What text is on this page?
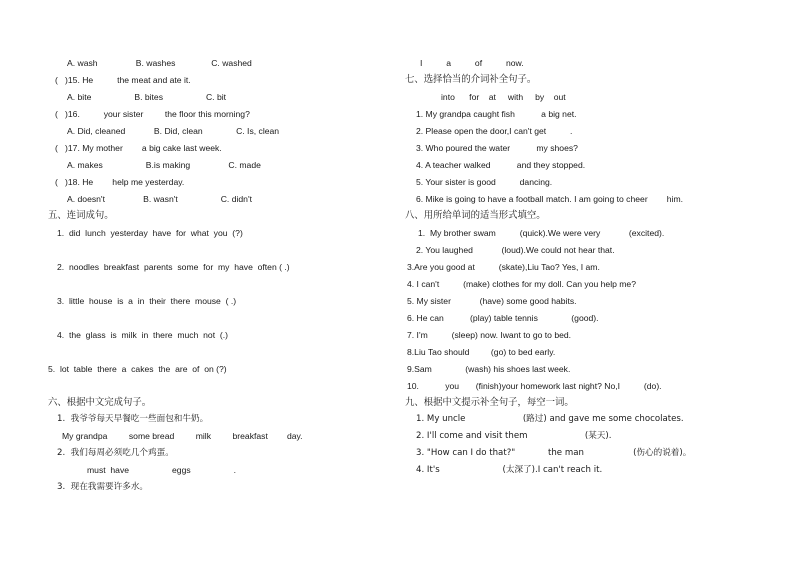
A. wash                B. washes               C. washed
(   )15. He          the meat and ate it.
A. bite                  B. bites                  C. bit
(   )16.          your sister         the floor this morning?
A. Did, cleaned            B. Did, clean              C. Is, clean
(   )17. My mother        a big cake last week.
A. makes                  B.is making                C. made
(   )18. He        help me yesterday.
A. doesn't                B. wasn't                  C. didn't
五、连词成句。
1.  did  lunch  yesterday  have  for  what  you  (?)
2.  noodles  breakfast  parents  some  for  my  have  often ( .)
3.  little  house  is  a  in  their  there  mouse  ( .)
4.  the  glass  is  milk  in  there  much  not  (.)
5.  lot  table  there  a  cakes  the  are  of  on (?)
六、根据中文完成句子。
1.  我爷爷每天早餐吃一些面包和牛奶。
My grandpa         some bread         milk         breakfast        day.
2.  我们每周必须吃几个鸡蛋。
must  have                  eggs                  .
3.  现在我需要许多水。
I          a          of          now.
七、选择恰当的介词补全句子。
into      for    at     with     by    out
1. My grandpa caught fish           a big net.
2. Please open the door,I can't get          .
3. Who poured the water           my shoes?
4. A teacher walked           and they stopped.
5. Your sister is good          dancing.
6. Mike is going to have a football match. I am going to cheer        him.
八、用所给单词的适当形式填空。
1.  My brother swam          (quick).We were very            (excited).
2. You laughed            (loud).We could not hear that.
3.Are you good at          (skate),Liu Tao? Yes, I am.
4. I can't          (make) clothes for my doll. Can you help me?
5. My sister            (have) some good habits.
6. He can           (play) table tennis              (good).
7. I'm          (sleep) now. Iwant to go to bed.
8.Liu Tao should         (go) to bed early.
9.Sam              (wash) his shoes last week.
10.           you       (finish)your homework last night? No,I          (do).
九、根据中文提示补全句子，每空一词。
1. My uncle                     (路过) and gave me some chocolates.
2. I'll come and visit them                     (某天).
3. "How can I do that?"            the man                  (伤心的说着)。
4. It's                       (太深了).I can't reach it.
